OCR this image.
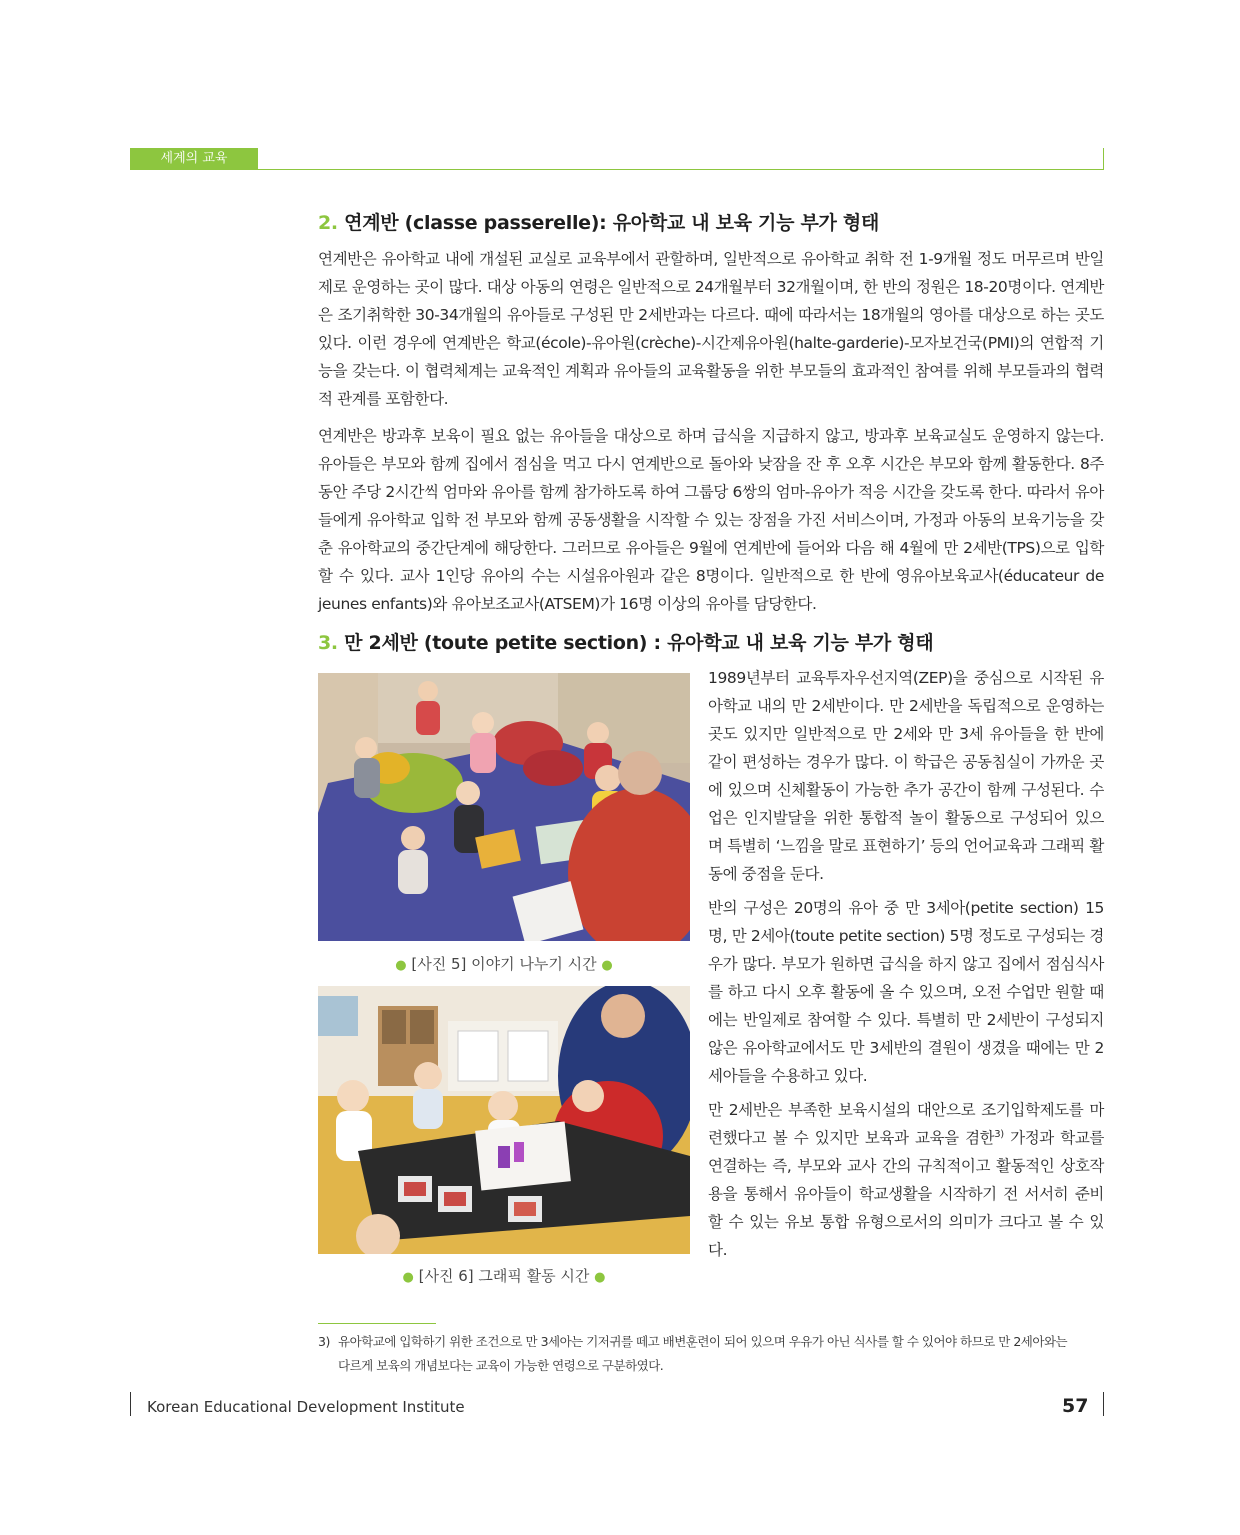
세계의 교육
2. 연계반 (classe passerelle): 유아학교 내 보육 기능 부가 형태

연계반은 유아학교 내에 개설된 교실로 교육부에서 관할하며, 일반적으로 유아학교 취학 전 1-9개월 정도 머무르며 반일제로 운영하는 곳이 많다. 대상 아동의 연령은 일반적으로 24개월부터 32개월이며, 한 반의 정원은 18-20명이다. 연계반은 조기취학한 30-34개월의 유아들로 구성된 만 2세반과는 다르다. 때에 따라서는 18개월의 영아를 대상으로 하는 곳도 있다. 이런 경우에 연계반은 학교(école)-유아원(crèche)-시간제유아원(halte-garderie)-모자보건국(PMI)의 연합적 기능을 갖는다. 이 협력체계는 교육적인 계획과 유아들의 교육활동을 위한 부모들의 효과적인 참여를 위해 부모들과의 협력적 관계를 포함한다.

연계반은 방과후 보육이 필요 없는 유아들을 대상으로 하며 급식을 지급하지 않고, 방과후 보육교실도 운영하지 않는다. 유아들은 부모와 함께 집에서 점심을 먹고 다시 연계반으로 돌아와 낮잠을 잔 후 오후 시간은 부모와 함께 활동한다. 8주 동안 주당 2시간씩 엄마와 유아를 함께 참가하도록 하여 그룹당 6쌍의 엄마-유아가 적응 시간을 갖도록 한다. 따라서 유아들에게 유아학교 입학 전 부모와 함께 공동생활을 시작할 수 있는 장점을 가진 서비스이며, 가정과 아동의 보육기능을 갖춘 유아학교의 중간단계에 해당한다. 그러므로 유아들은 9월에 연계반에 들어와 다음 해 4월에 만 2세반(TPS)으로 입학할 수 있다. 교사 1인당 유아의 수는 시설유아원과 같은 8명이다. 일반적으로 한 반에 영유아보육교사(éducateur de jeunes enfants)와 유아보조교사(ATSEM)가 16명 이상의 유아를 담당한다.

3. 만 2세반 (toute petite section) : 유아학교 내 보육 기능 부가 형태
● [사진 5] 이야기 나누기 시간 ●
● [사진 6] 그래픽 활동 시간 ●

1989년부터 교육투자우선지역(ZEP)을 중심으로 시작된 유아학교 내의 만 2세반이다. 만 2세반을 독립적으로 운영하는 곳도 있지만 일반적으로 만 2세와 만 3세 유아들을 한 반에 같이 편성하는 경우가 많다. 이 학급은 공동침실이 가까운 곳에 있으며 신체활동이 가능한 추가 공간이 함께 구성된다. 수업은 인지발달을 위한 통합적 놀이 활동으로 구성되어 있으며 특별히 ‘느낌을 말로 표현하기’ 등의 언어교육과 그래픽 활동에 중점을 둔다.

반의 구성은 20명의 유아 중 만 3세아(petite section) 15명, 만 2세아(toute petite section) 5명 정도로 구성되는 경우가 많다. 부모가 원하면 급식을 하지 않고 집에서 점심식사를 하고 다시 오후 활동에 올 수 있으며, 오전 수업만 원할 때에는 반일제로 참여할 수 있다. 특별히 만 2세반이 구성되지 않은 유아학교에서도 만 3세반의 결원이 생겼을 때에는 만 2세아들을 수용하고 있다.

만 2세반은 부족한 보육시설의 대안으로 조기입학제도를 마련했다고 볼 수 있지만 보육과 교육을 겸한$^{3)}$ 가정과 학교를 연결하는 즉, 부모와 교사 간의 규칙적이고 활동적인 상호작용을 통해서 유아들이 학교생활을 시작하기 전 서서히 준비할 수 있는 유보 통합 유형으로서의 의미가 크다고 볼 수 있다.

3) 유아학교에 입학하기 위한 조건으로 만 3세아는 기저귀를 떼고 배변훈련이 되어 있으며 우유가 아닌 식사를 할 수 있어야 하므로 만 2세아와는
다르게 보육의 개념보다는 교육이 가능한 연령으로 구분하였다.

Korean Educational Development Institute	57
